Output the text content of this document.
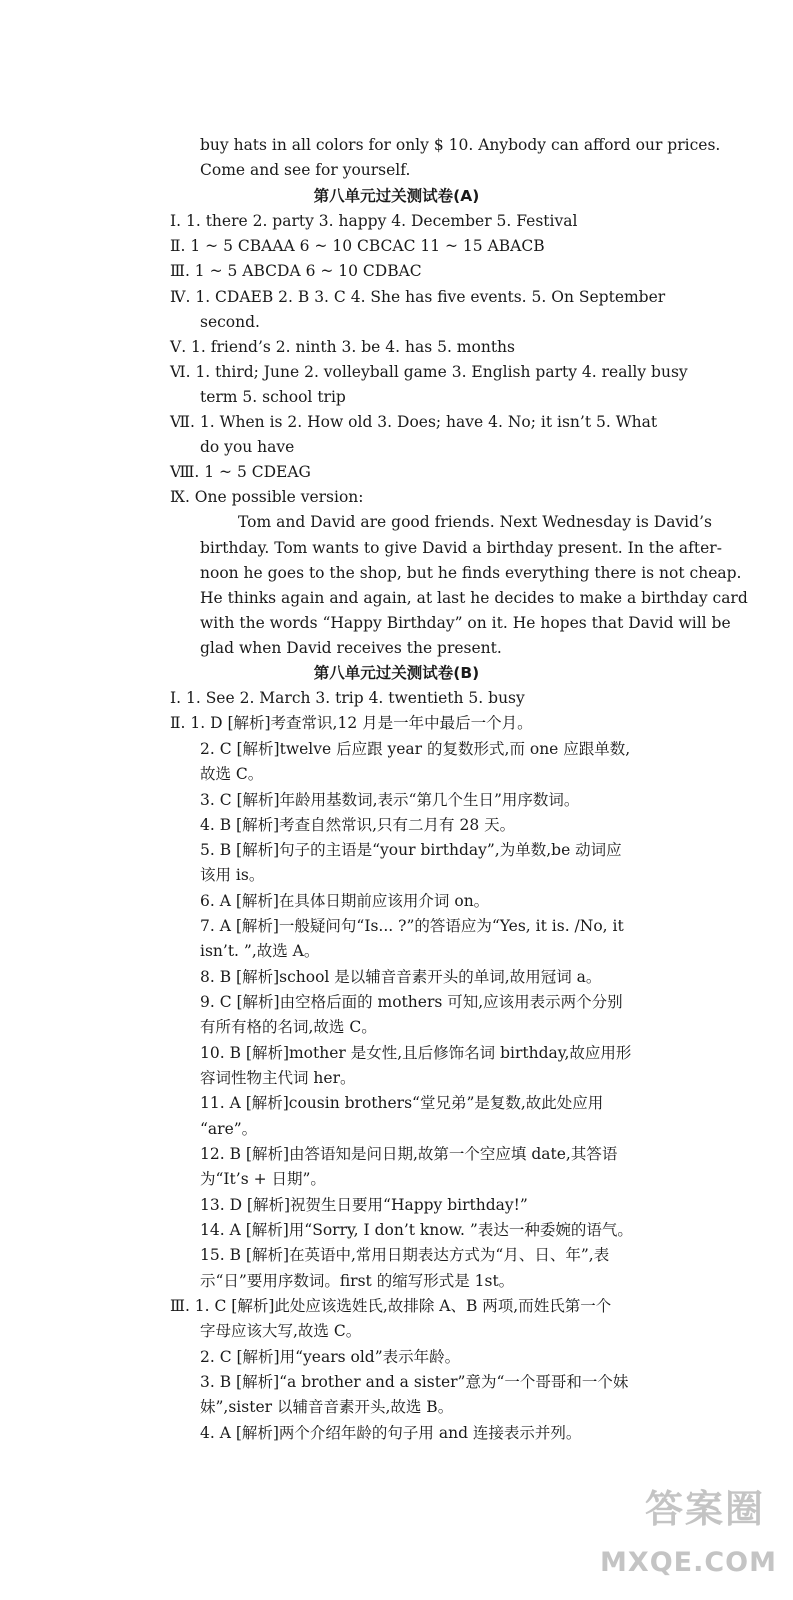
buy hats in all colors for only $ 10. Anybody can afford our prices.
Come and see for yourself.
第八单元过关测试卷(A)
Ⅰ. 1. there 2. party 3. happy 4. December 5. Festival
Ⅱ. 1 ~ 5 CBAAA 6 ~ 10 CBCAC 11 ~ 15 ABACB
Ⅲ. 1 ~ 5 ABCDA 6 ~ 10 CDBAC
Ⅳ. 1. CDAEB 2. B 3. C 4. She has five events. 5. On September
second.
Ⅴ. 1. friend’s 2. ninth 3. be 4. has 5. months
Ⅵ. 1. third; June 2. volleyball game 3. English party 4. really busy
term 5. school trip
Ⅶ. 1. When is 2. How old 3. Does; have 4. No; it isn’t 5. What
do you have
Ⅷ. 1 ~ 5 CDEAG
Ⅸ. One possible version:
Tom and David are good friends. Next Wednesday is David’s
birthday. Tom wants to give David a birthday present. In the after-
noon he goes to the shop, but he finds everything there is not cheap.
He thinks again and again, at last he decides to make a birthday card
with the words “Happy Birthday” on it. He hopes that David will be
glad when David receives the present.
第八单元过关测试卷(B)
Ⅰ. 1. See 2. March 3. trip 4. twentieth 5. busy
Ⅱ. 1. D [解析]考查常识,12 月是一年中最后一个月。
2. C [解析]twelve 后应跟 year 的复数形式,而 one 应跟单数,
故选 C。
3. C [解析]年龄用基数词,表示“第几个生日”用序数词。
4. B [解析]考查自然常识,只有二月有 28 天。
5. B [解析]句子的主语是“your birthday”,为单数,be 动词应
该用 is。
6. A [解析]在具体日期前应该用介词 on。
7. A [解析]一般疑问句“Is... ?”的答语应为“Yes, it is. /No, it
isn’t. ”,故选 A。
8. B [解析]school 是以辅音音素开头的单词,故用冠词 a。
9. C [解析]由空格后面的 mothers 可知,应该用表示两个分别
有所有格的名词,故选 C。
10. B [解析]mother 是女性,且后修饰名词 birthday,故应用形
容词性物主代词 her。
11. A [解析]cousin brothers“堂兄弟”是复数,故此处应用
“are”。
12. B [解析]由答语知是问日期,故第一个空应填 date,其答语
为“It’s + 日期”。
13. D [解析]祝贺生日要用“Happy birthday!”
14. A [解析]用“Sorry, I don’t know. ”表达一种委婉的语气。
15. B [解析]在英语中,常用日期表达方式为“月、日、年”,表
示“日”要用序数词。first 的缩写形式是 1st。
Ⅲ. 1. C [解析]此处应该选姓氏,故排除 A、B 两项,而姓氏第一个
字母应该大写,故选 C。
2. C [解析]用“years old”表示年龄。
3. B [解析]“a brother and a sister”意为“一个哥哥和一个妹
妹”,sister 以辅音音素开头,故选 B。
4. A [解析]两个介绍年龄的句子用 and 连接表示并列。
答案圈
MXQE.COM
